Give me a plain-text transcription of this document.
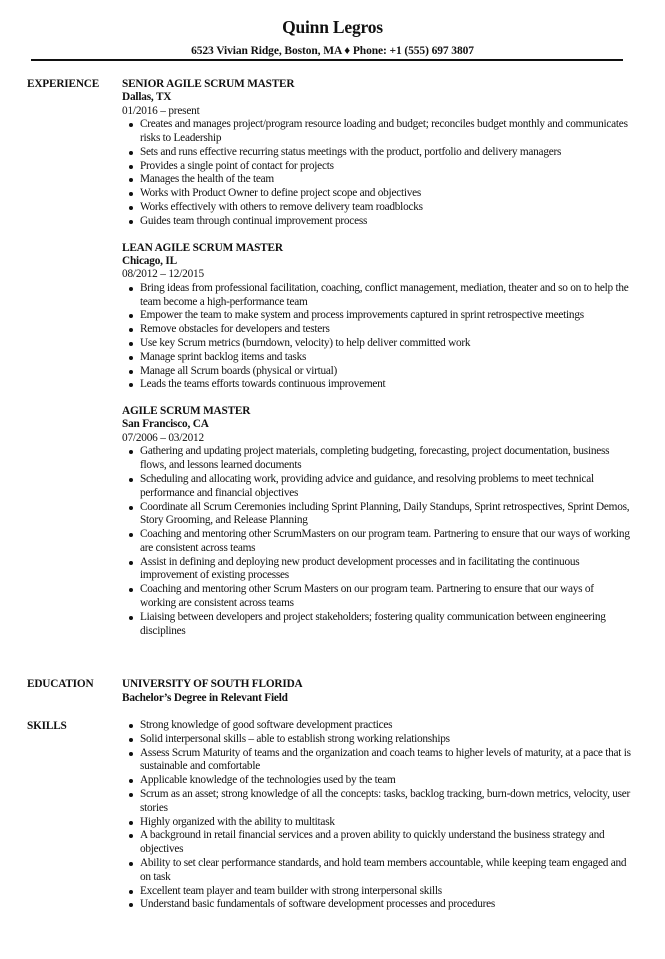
Quinn Legros
6523 Vivian Ridge, Boston, MA ♦ Phone: +1 (555) 697 3807
EXPERIENCE SENIOR AGILE SCRUM MASTER
Dallas, TX
01/2016 – present
Creates and manages project/program resource loading and budget; reconciles budget monthly and communicates risks to Leadership
Sets and runs effective recurring status meetings with the product, portfolio and delivery managers
Provides a single point of contact for projects
Manages the health of the team
Works with Product Owner to define project scope and objectives
Works effectively with others to remove delivery team roadblocks
Guides team through continual improvement process
LEAN AGILE SCRUM MASTER
Chicago, IL
08/2012 – 12/2015
Bring ideas from professional facilitation, coaching, conflict management, mediation, theater and so on to help the team become a high-performance team
Empower the team to make system and process improvements captured in sprint retrospective meetings
Remove obstacles for developers and testers
Use key Scrum metrics (burndown, velocity) to help deliver committed work
Manage sprint backlog items and tasks
Manage all Scrum boards (physical or virtual)
Leads the teams efforts towards continuous improvement
AGILE SCRUM MASTER
San Francisco, CA
07/2006 – 03/2012
Gathering and updating project materials, completing budgeting, forecasting, project documentation, business flows, and lessons learned documents
Scheduling and allocating work, providing advice and guidance, and resolving problems to meet technical performance and financial objectives
Coordinate all Scrum Ceremonies including Sprint Planning, Daily Standups, Sprint retrospectives, Sprint Demos, Story Grooming, and Release Planning
Coaching and mentoring other ScrumMasters on our program team. Partnering to ensure that our ways of working are consistent across teams
Assist in defining and deploying new product development processes and in facilitating the continuous improvement of existing processes
Coaching and mentoring other Scrum Masters on our program team. Partnering to ensure that our ways of working are consistent across teams
Liaising between developers and project stakeholders; fostering quality communication between engineering disciplines
EDUCATION	UNIVERSITY OF SOUTH FLORIDA
Bachelor’s Degree in Relevant Field
SKILLS	Strong knowledge of good software development practices
Solid interpersonal skills – able to establish strong working relationships
Assess Scrum Maturity of teams and the organization and coach teams to higher levels of maturity, at a pace that is sustainable and comfortable
Applicable knowledge of the technologies used by the team
Scrum as an asset; strong knowledge of all the concepts: tasks, backlog tracking, burn-down metrics, velocity, user stories
Highly organized with the ability to multitask
A background in retail financial services and a proven ability to quickly understand the business strategy and objectives
Ability to set clear performance standards, and hold team members accountable, while keeping team engaged and on task
Excellent team player and team builder with strong interpersonal skills
Understand basic fundamentals of software development processes and procedures
